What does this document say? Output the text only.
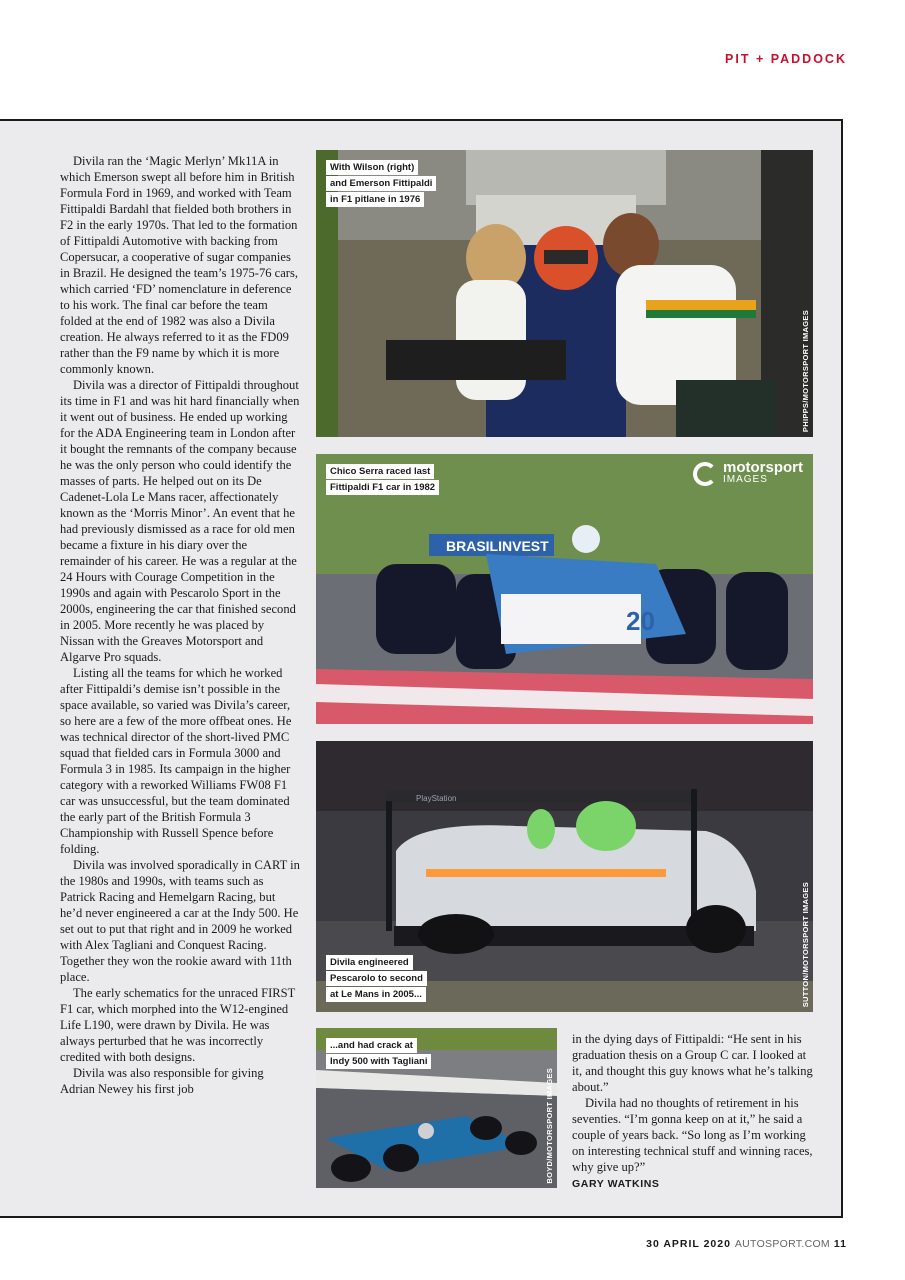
PIT + PADDOCK

Divila ran the ‘Magic Merlyn’ Mk11A in which Emerson swept all before him in British Formula Ford in 1969, and worked with Team Fittipaldi Bardahl that fielded both brothers in F2 in the early 1970s. That led to the formation of Fittipaldi Automotive with backing from Copersucar, a cooperative of sugar companies in Brazil. He designed the team’s 1975-76 cars, which carried ‘FD’ nomenclature in deference to his work. The final car before the team folded at the end of 1982 was also a Divila creation. He always referred to it as the FD09 rather than the F9 name by which it is more commonly known.

Divila was a director of Fittipaldi throughout its time in F1 and was hit hard financially when it went out of business. He ended up working for the ADA Engineering team in London after it bought the remnants of the company because he was the only person who could identify the masses of parts. He helped out on its De Cadenet-Lola Le Mans racer, affectionately known as the ‘Morris Minor’. An event that he had previously dismissed as a race for old men became a fixture in his diary over the remainder of his career. He was a regular at the 24 Hours with Courage Competition in the 1990s and again with Pescarolo Sport in the 2000s, engineering the car that finished second in 2005. More recently he was placed by Nissan with the Greaves Motorsport and Algarve Pro squads.

Listing all the teams for which he worked after Fittipaldi’s demise isn’t possible in the space available, so varied was Divila’s career, so here are a few of the more offbeat ones. He was technical director of the short-lived PMC squad that fielded cars in Formula 3000 and Formula 3 in 1985. Its campaign in the higher category with a reworked Williams FW08 F1 car was unsuccessful, but the team dominated the early part of the British Formula 3 Championship with Russell Spence before folding.

Divila was involved sporadically in CART in the 1980s and 1990s, with teams such as Patrick Racing and Hemelgarn Racing, but he’d never engineered a car at the Indy 500. He set out to put that right and in 2009 he worked with Alex Tagliani and Conquest Racing. Together they won the rookie award with 11th place.

The early schematics for the unraced FIRST F1 car, which morphed into the W12-engined Life L190, were drawn by Divila. He was always perturbed that he was incorrectly credited with both designs.

Divila was also responsible for giving Adrian Newey his first job

With Wilson (right)
and Emerson Fittipaldi
in F1 pitlane in 1976
PHIPPS/MOTORSPORT IMAGES
BRASILINVEST
20
Chico Serra raced last
Fittipaldi F1 car in 1982
motorsport
IMAGES
PlayStation
Divila engineered
Pescarolo to second
at Le Mans in 2005...	SUTTON/MOTORSPORT IMAGES
...and had crack at
Indy 500 with Tagliani
BOYD/MOTORSPORT IMAGES

in the dying days of Fittipaldi: “He sent in his graduation thesis on a Group C car. I looked at it, and thought this guy knows what he’s talking about.”

Divila had no thoughts of retirement in his seventies. “I’m gonna keep on at it,” he said a couple of years back. “So long as I’m working on interesting technical stuff and winning races, why give up?”

GARY WATKINS
30 APRIL 2020 AUTOSPORT.COM 11
